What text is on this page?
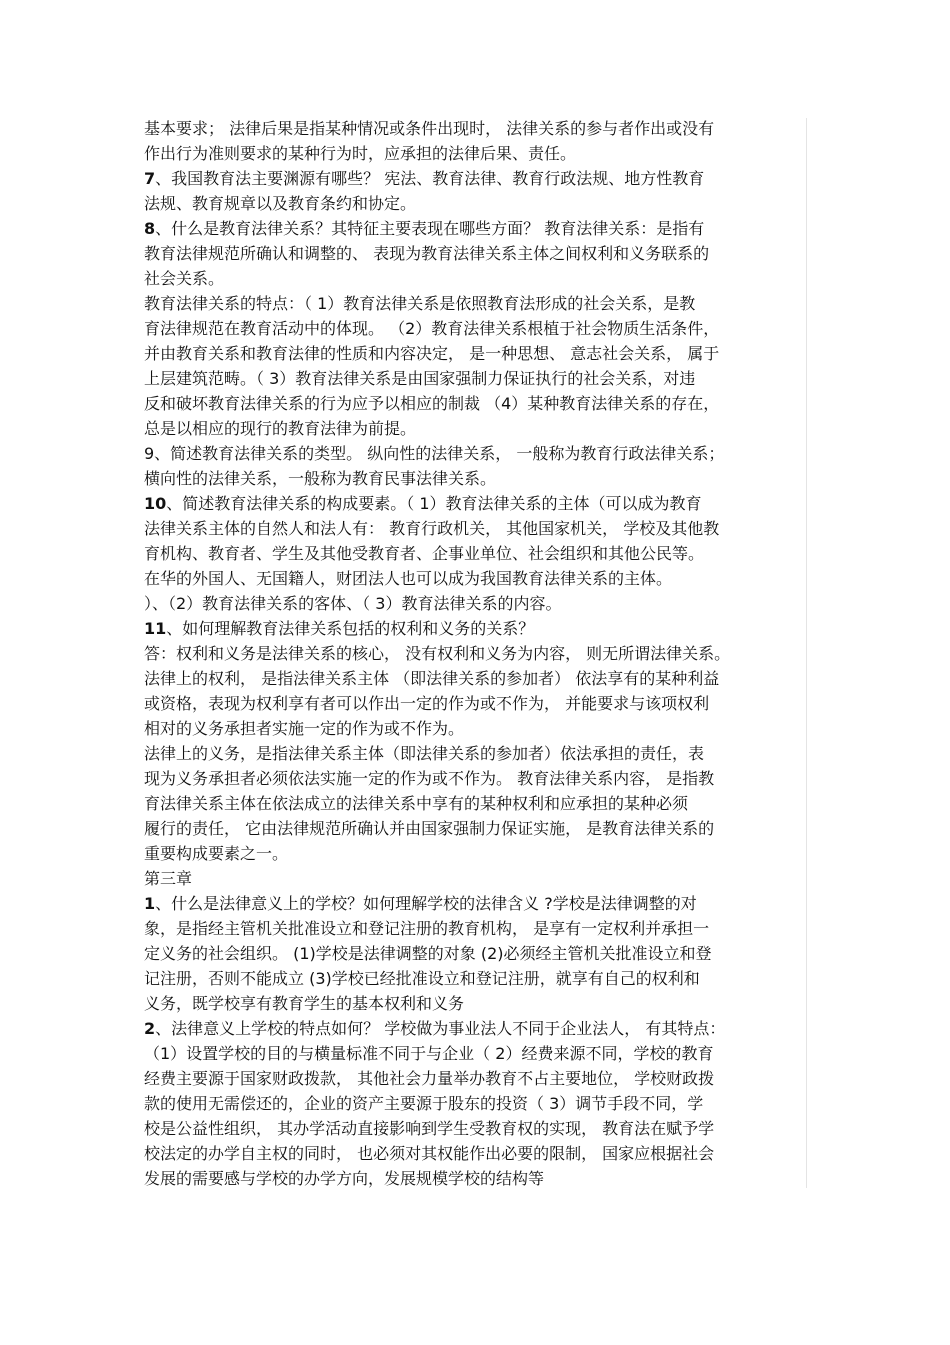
基本要求； 法律后果是指某种情况或条件出现时， 法律关系的参与者作出或没有
作出行为准则要求的某种行为时，应承担的法律后果、责任。
7、我国教育法主要渊源有哪些？ 宪法、教育法律、教育行政法规、地方性教育
法规、教育规章以及教育条约和协定。
8、什么是教育法律关系？其特征主要表现在哪些方面？ 教育法律关系：是指有
教育法律规范所确认和调整的、 表现为教育法律关系主体之间权利和义务联系的
社会关系。
教育法律关系的特点：（ 1）教育法律关系是依照教育法形成的社会关系，是教
育法律规范在教育活动中的体现。 （2）教育法律关系根植于社会物质生活条件，
并由教育关系和教育法律的性质和内容决定， 是一种思想、 意志社会关系， 属于
上层建筑范畴。（ 3）教育法律关系是由国家强制力保证执行的社会关系，对违
反和破坏教育法律关系的行为应予以相应的制裁 （4）某种教育法律关系的存在，
总是以相应的现行的教育法律为前提。
9、简述教育法律关系的类型。 纵向性的法律关系， 一般称为教育行政法律关系；
横向性的法律关系，一般称为教育民事法律关系。
10、简述教育法律关系的构成要素。（ 1）教育法律关系的主体（可以成为教育
法律关系主体的自然人和法人有： 教育行政机关， 其他国家机关， 学校及其他教
育机构、教育者、学生及其他受教育者、企事业单位、社会组织和其他公民等。
在华的外国人、无国籍人，财团法人也可以成为我国教育法律关系的主体。
）、（2）教育法律关系的客体、（ 3）教育法律关系的内容。
11、如何理解教育法律关系包括的权利和义务的关系？
答：权利和义务是法律关系的核心， 没有权利和义务为内容， 则无所谓法律关系。
法律上的权利， 是指法律关系主体 （即法律关系的参加者） 依法享有的某种利益
或资格，表现为权利享有者可以作出一定的作为或不作为， 并能要求与该项权利
相对的义务承担者实施一定的作为或不作为。
法律上的义务，是指法律关系主体（即法律关系的参加者）依法承担的责任，表
现为义务承担者必须依法实施一定的作为或不作为。 教育法律关系内容， 是指教
育法律关系主体在依法成立的法律关系中享有的某种权利和应承担的某种必须
履行的责任， 它由法律规范所确认并由国家强制力保证实施， 是教育法律关系的
重要构成要素之一。
第三章
1、什么是法律意义上的学校？如何理解学校的法律含义 ?学校是法律调整的对
象，是指经主管机关批准设立和登记注册的教育机构， 是享有一定权利并承担一
定义务的社会组织。 (1)学校是法律调整的对象 (2)必须经主管机关批准设立和登
记注册，否则不能成立 (3)学校已经批准设立和登记注册，就享有自己的权利和
义务，既学校享有教育学生的基本权利和义务
2、法律意义上学校的特点如何？ 学校做为事业法人不同于企业法人， 有其特点：
（1）设置学校的目的与横量标准不同于与企业（ 2）经费来源不同，学校的教育
经费主要源于国家财政拨款， 其他社会力量举办教育不占主要地位， 学校财政拨
款的使用无需偿还的，企业的资产主要源于股东的投资（ 3）调节手段不同，学
校是公益性组织， 其办学活动直接影响到学生受教育权的实现， 教育法在赋予学
校法定的办学自主权的同时， 也必须对其权能作出必要的限制， 国家应根据社会
发展的需要感与学校的办学方向，发展规模学校的结构等
